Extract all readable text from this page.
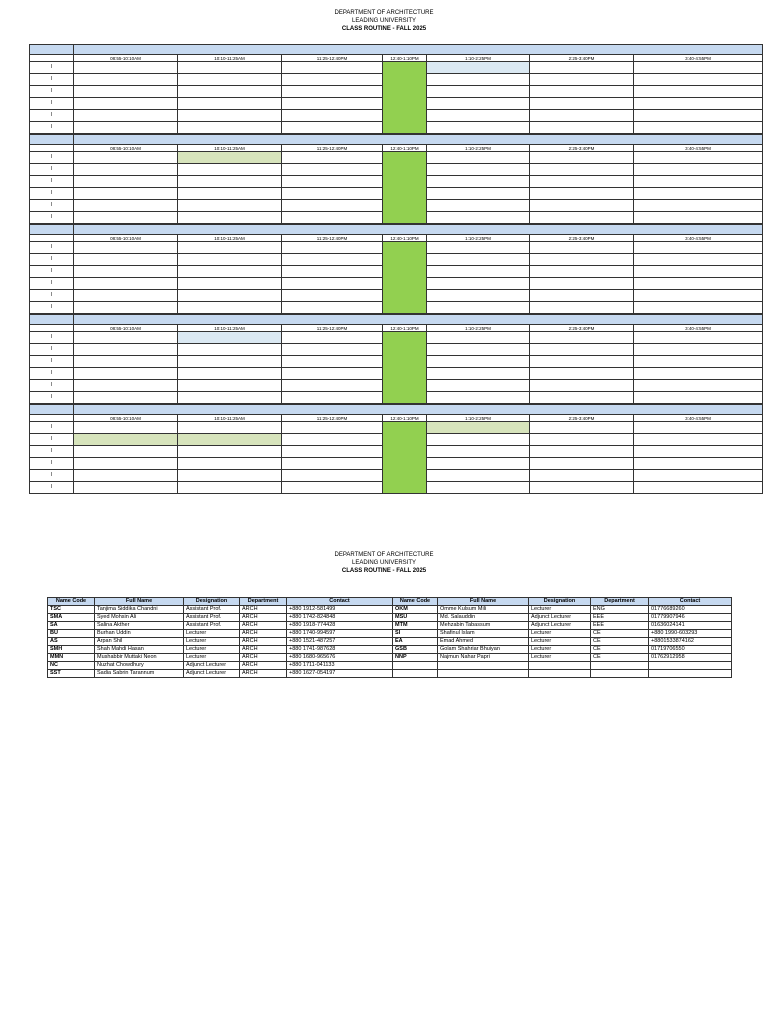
DEPARTMENT OF ARCHITECTURE
LEADING UNIVERSITY
CLASS ROUTINE - FALL 2025

	08:55-10:10AM	10:10-11:25AM	11:25-12:40PM	12:40-1:10PM	1:10-2:25PM	2:25-3:40PM	3:40-4:55PM
I							
I							
I							
I							
I							
I							

	08:55-10:10AM	10:10-11:25AM	11:25-12:40PM	12:40-1:10PM	1:10-2:25PM	2:25-3:40PM	3:40-4:55PM
I							
I							
I							
I							
I							
I							

	08:55-10:10AM	10:10-11:25AM	11:25-12:40PM	12:40-1:10PM	1:10-2:25PM	2:25-3:40PM	3:40-4:55PM
I							
I							
I							
I							
I							
I							

	08:55-10:10AM	10:10-11:25AM	11:25-12:40PM	12:40-1:10PM	1:10-2:25PM	2:25-3:40PM	3:40-4:55PM
I							
I							
I							
I							
I							
I							

	08:55-10:10AM	10:10-11:25AM	11:25-12:40PM	12:40-1:10PM	1:10-2:25PM	2:25-3:40PM	3:40-4:55PM
I							
I							
I							
I							
I							
I							
DEPARTMENT OF ARCHITECTURE
LEADING UNIVERSITY
CLASS ROUTINE - FALL 2025
Name Code	Full Name	Designation	Department	Contact	Name Code	Full Name	Designation	Department	Contact
TSC	Tanjima Siddika Chandni	Assistant Prof.	ARCH	+880 1912-581499	OKM	Omme Kulsum Mili	Lecturer	ENG	01776689260
SMA	Syed Mohsin Ali	Assistant Prof.	ARCH	+880 1742-824848	MSU	Md. Salauddin	Adjunct Lecturer	EEE	01779907946
SA	Salina Akther	Assistant Prof.	ARCH	+880 1918-774428	MTM	Mehzabin Tabassum	Adjunct Lecturer	EEE	01636024141
BU	Burhan Uddin	Lecturer	ARCH	+880 1740-994597	SI	Shafinul Islam	Lecturer	CE	+880 1990-603293
AS	Arpan Shil	Lecturer	ARCH	+880 1521-487257	EA	Emad Ahmed	Lecturer	CE	+8801533874162
SMH	Shah Mahdi Hasan	Lecturer	ARCH	+880 1741-987628	GSB	Golam Shahriar Bhuiyan	Lecturer	CE	01719706550
MMN	Mushabbir Muttaki Neon	Lecturer	ARCH	+880 1680-965676	NNP	Najmun Nahar Papri	Lecturer	CE	01762912958
NC	Nuzhat Chowdhury	Adjunct Lecturer	ARCH	+880 1711-041133					
SST	Sadia Sabrin Tarannum	Adjunct Lecturer	ARCH	+880 1627-054197					
